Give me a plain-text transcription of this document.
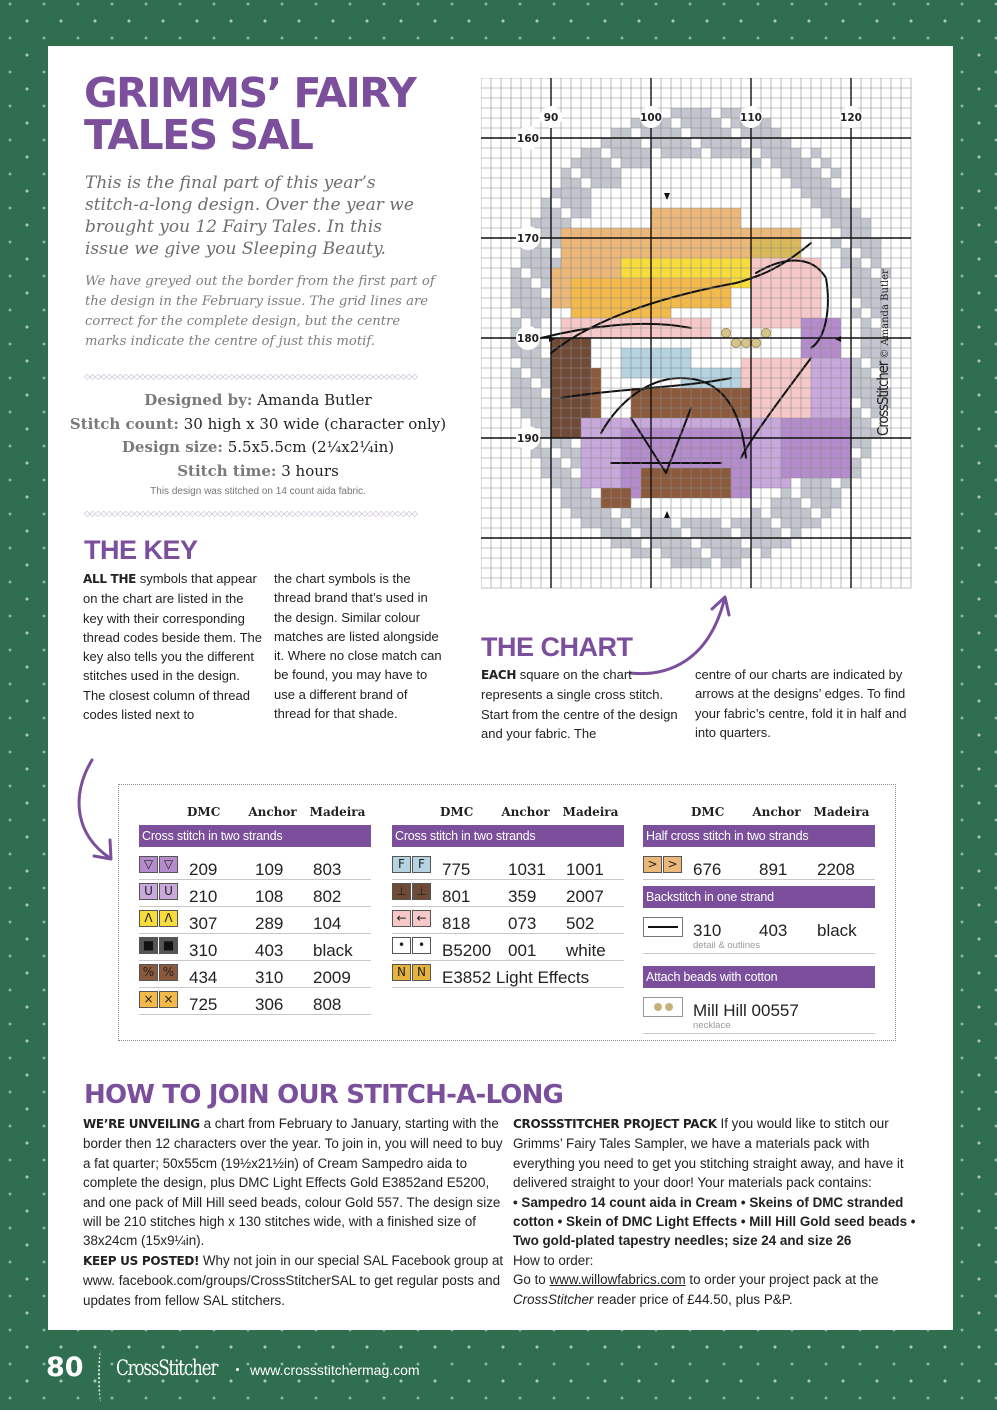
GRIMMS’ FAIRY
TALES SAL

This is the final part of this year’s stitch-a-long design. Over the year we brought you 12 Fairy Tales. In this issue we give you Sleeping Beauty.

We have greyed out the border from the first part of the design in the February issue. The grid lines are correct for the complete design, but the centre marks indicate the centre of just this motif.

◇◇◇◇◇◇◇◇◇◇◇◇◇◇◇◇◇◇◇◇◇◇◇◇◇◇◇◇◇◇◇◇◇◇◇◇◇◇◇◇◇◇◇◇◇◇◇◇◇◇◇◇◇◇◇◇◇◇◇◇
Designed by: Amanda Butler
Stitch count: 30 high x 30 wide (character only)
Design size: 5.5x5.5cm (2¼x2¼in)
Stitch time: 3 hours
This design was stitched on 14 count aida fabric.
◇◇◇◇◇◇◇◇◇◇◇◇◇◇◇◇◇◇◇◇◇◇◇◇◇◇◇◇◇◇◇◇◇◇◇◇◇◇◇◇◇◇◇◇◇◇◇◇◇◇◇◇◇◇◇◇◇◇◇◇
THE KEY

ALL THE symbols that appear on the chart are listed in the key with their corresponding thread codes beside them. The key also tells you the different stitches used in the design. The closest column of thread codes listed next to

the chart symbols is the thread brand that’s used in the design. Similar colour matches are listed alongside it. Where no close match can be found, you may have to use a different brand of thread for that shade.

90	100	110	120
160
170
180
190
CrossStitcher © Amanda Butler
THE CHART

EACH square on the chart represents a single cross stitch. Start from the centre of the design and your fabric. The

centre of our charts are indicated by arrows at the designs’ edges. To find your fabric’s centre, fold it in half and into quarters.

DMC	Anchor	Madeira
Cross stitch in two strands
▽ ▽ 209 109 803
U U 210 108 802
Λ Λ 307 289 104
■ ■ 310 403 black
% % 434 310 2009
× × 725 306 808
DMC	Anchor	Madeira
Cross stitch in two strands
F	F	775 1031 1001
⊥ ⊥ 801 359 2007
← ← 818 073 502
•	• B5200 001 white
N N E3852 Light Effects
DMC	Anchor	Madeira
Half cross stitch in two strands
> > 676 891 2208
Backstitch in one strand
310 403 black
detail & outlines
Attach beads with cotton
Mill Hill 00557
necklace
HOW TO JOIN OUR STITCH-A-LONG

WE’RE UNVEILING a chart from February to January, starting with the border then 12 characters over the year. To join in, you will need to buy a fat quarter; 50x55cm (19½x21½in) of Cream Sampedro aida to complete the design, plus DMC Light Effects Gold E3852and E5200, and one pack of Mill Hill seed beads, colour Gold 557. The design size will be 210 stitches high x 130 stitches wide, with a finished size of 38x24cm (15x9¼in).
KEEP US POSTED! Why not join in our special SAL Facebook group at www. facebook.com/groups/CrossStitcherSAL to get regular posts and updates from fellow SAL stitchers.

CROSSSTITCHER PROJECT PACK If you would like to stitch our Grimms’ Fairy Tales Sampler, we have a materials pack with everything you need to get you stitching straight away, and have it delivered straight to your door! Your materials pack contains:
• Sampedro 14 count aida in Cream • Skeins of DMC stranded cotton • Skein of DMC Light Effects • Mill Hill Gold seed beads • Two gold-plated tapestry needles; size 24 and size 26
How to order:
Go to www.willowfabrics.com to order your project pack at the CrossStitcher reader price of £44.50, plus P&P.

80 CrossStitcher www.crossstitchermag.com
